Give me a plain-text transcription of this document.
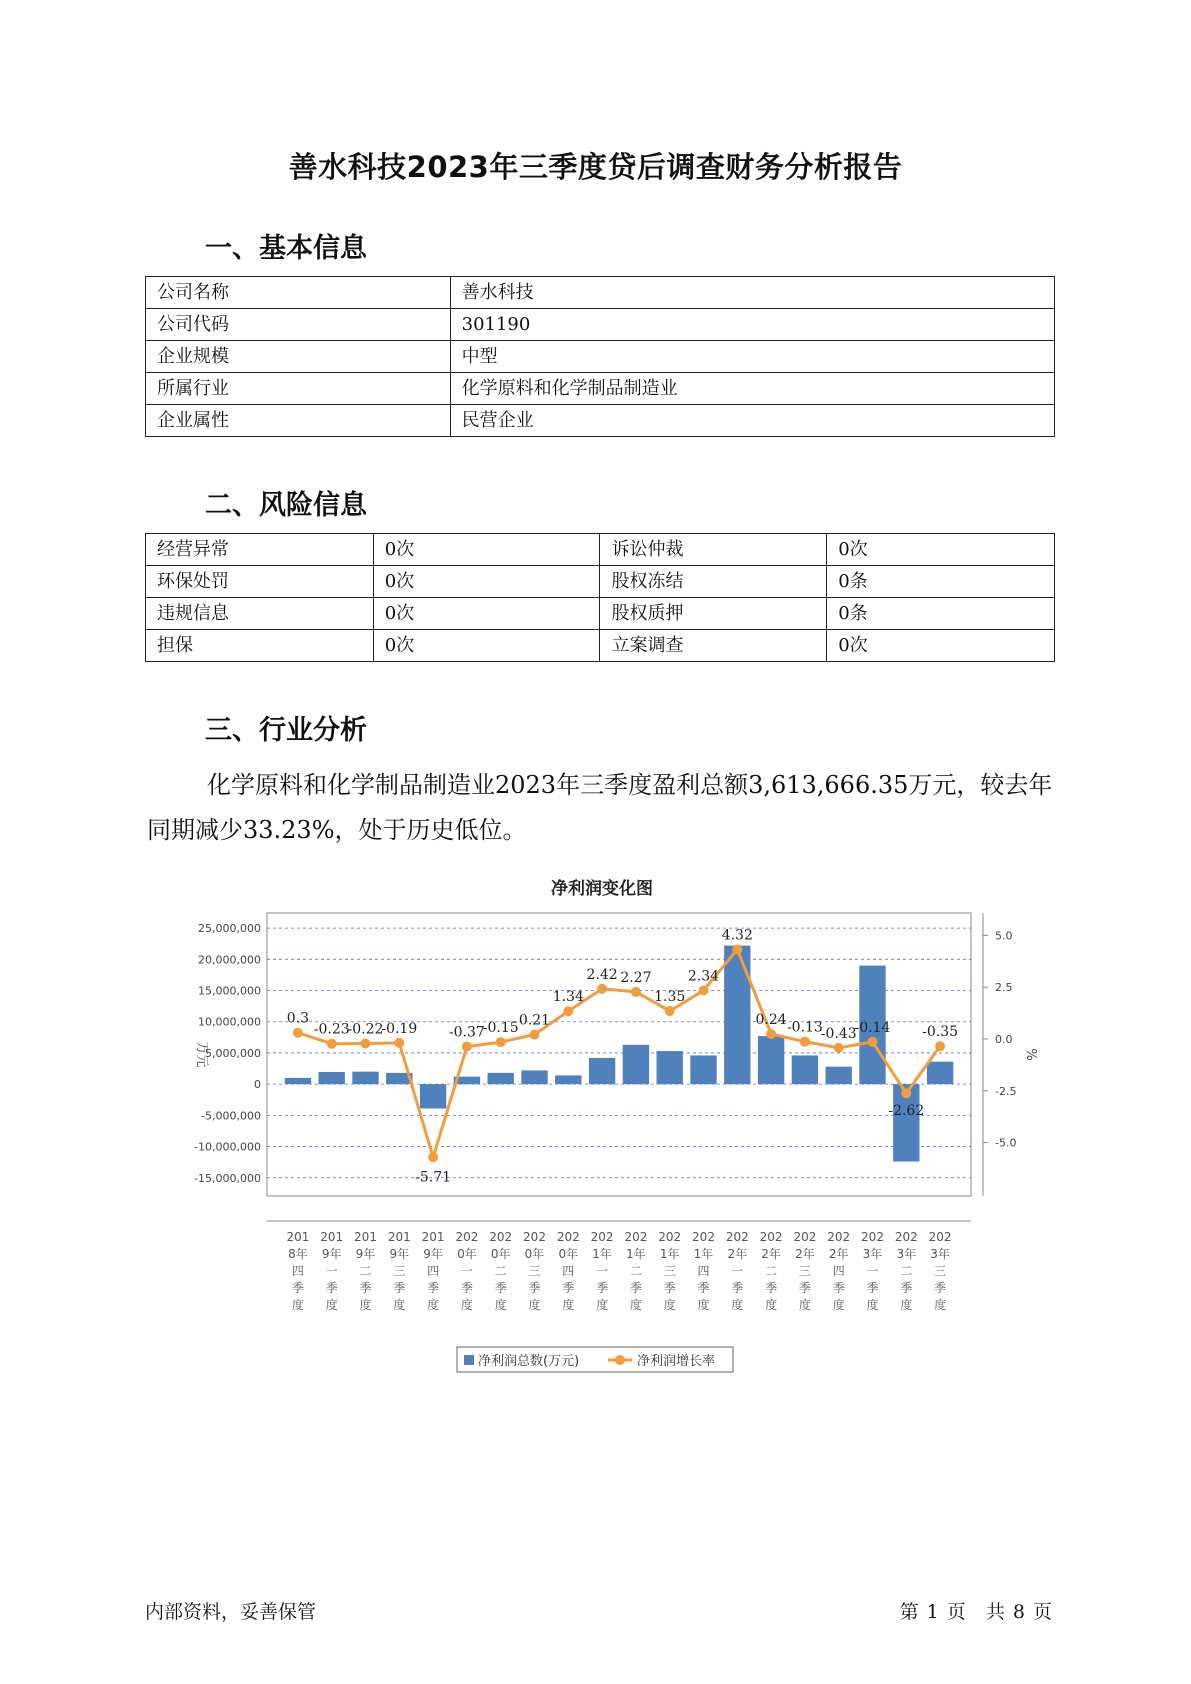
善水科技2023年三季度贷后调查财务分析报告
一、基本信息
公司名称	善水科技
公司代码	301190
企业规模	中型
所属行业	化学原料和化学制品制造业
企业属性	民营企业
二、风险信息
经营异常	0次	诉讼仲裁	0次
环保处罚	0次	股权冻结	0条
违规信息	0次	股权质押	0条
担保	0次	立案调查	0次
三、行业分析

化学原料和化学制品制造业2023年三季度盈利总额3,613,666.35万元，较去年同期减少33.23%，处于历史低位。

净利润变化图
25,000,000
20,000,000
15,000,000
10,000,000
5,000,000
0
-5,000,000
-10,000,000
-15,000,000
5.0
2.5
0.0
-2.5
-5.0
万元	%
0.3
-0.23
-0.22
-0.19
-5.71
-0.37
-0.15 0.21
1.34
2.42 2.27
1.35
2.34
4.32
0.24 -0.13
-0.43
-0.14
-2.62
-0.35
201 8年四季度
201 9年一季度
201 9年二季度
201 9年三季度
201 9年四季度
202 0年一季度
202 0年二季度
202 0年三季度
202 0年四季度
202 1年一季度
202 1年二季度
202 1年三季度
202 1年四季度
202 2年一季度
202 2年二季度
202 2年三季度
202 2年四季度
202 3年一季度
202 3年二季度
202 3年三季度
净利润总数(万元)	净利润增长率
内部资料，妥善保管	第 1 页 共 8 页
